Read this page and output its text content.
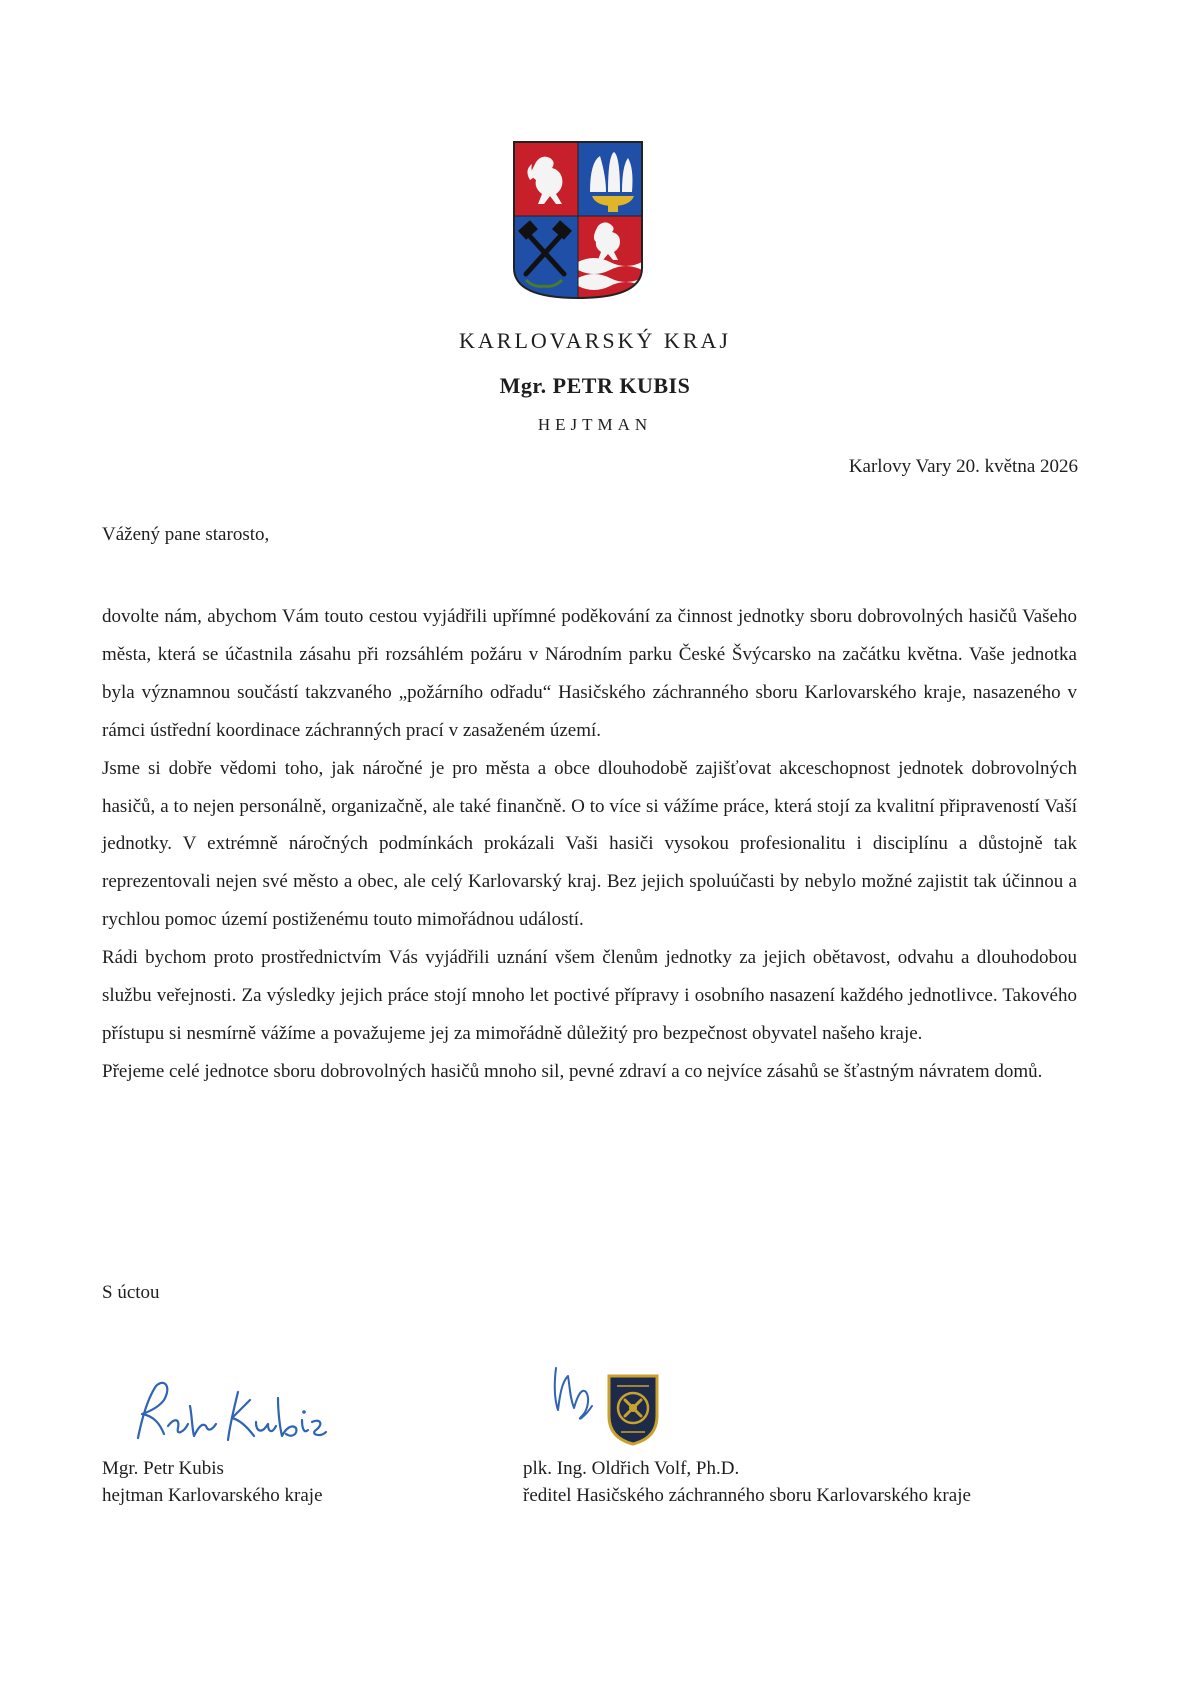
KARLOVARSKÝ KRAJ
Mgr. PETR KUBIS
HEJTMAN
Karlovy Vary 20. května 2026
Vážený pane starosto,

dovolte nám, abychom Vám touto cestou vyjádřili upřímné poděkování za činnost jednotky sboru dobrovolných hasičů Vašeho města, která se účastnila zásahu při rozsáhlém požáru v Národním parku České Švýcarsko na začátku května. Vaše jednotka byla významnou součástí takzvaného „požárního odřadu“ Hasičského záchranného sboru Karlovarského kraje, nasazeného v rámci ústřední koordinace záchranných prací v zasaženém území.

Jsme si dobře vědomi toho, jak náročné je pro města a obce dlouhodobě zajišťovat akceschopnost jednotek dobrovolných hasičů, a to nejen personálně, organizačně, ale také finančně. O to více si vážíme práce, která stojí za kvalitní připraveností Vaší jednotky. V extrémně náročných podmínkách prokázali Vaši hasiči vysokou profesionalitu i disciplínu a důstojně tak reprezentovali nejen své město a obec, ale celý Karlovarský kraj. Bez jejich spoluúčasti by nebylo možné zajistit tak účinnou a rychlou pomoc území postiženému touto mimořádnou událostí.

Rádi bychom proto prostřednictvím Vás vyjádřili uznání všem členům jednotky za jejich obětavost, odvahu a dlouhodobou službu veřejnosti. Za výsledky jejich práce stojí mnoho let poctivé přípravy i osobního nasazení každého jednotlivce. Takového přístupu si nesmírně vážíme a považujeme jej za mimořádně důležitý pro bezpečnost obyvatel našeho kraje.

Přejeme celé jednotce sboru dobrovolných hasičů mnoho sil, pevné zdraví a co nejvíce zásahů se šťastným návratem domů.

S úctou
Mgr. Petr Kubis
hejtman Karlovarského kraje
plk. Ing. Oldřich Volf, Ph.D.
ředitel Hasičského záchranného sboru Karlovarského kraje
